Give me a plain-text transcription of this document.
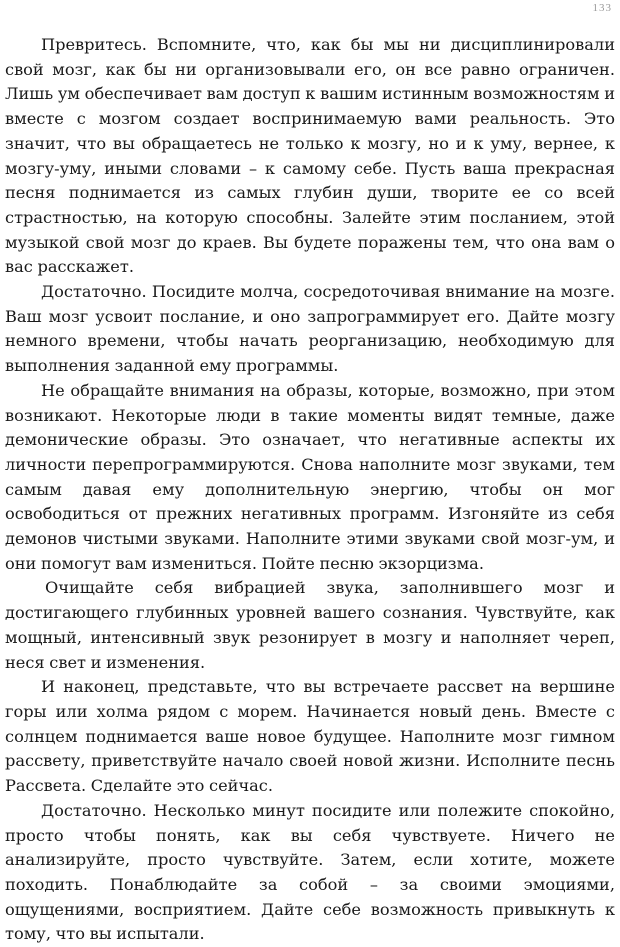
133

Превритесь. Вспомните, что, как бы мы ни дисциплинировали свой мозг, как бы ни организовывали его, он все равно ограничен. Лишь ум обеспечивает вам доступ к вашим истинным возможностям и вместе с мозгом создает воспринимаемую вами реальность. Это значит, что вы обращаетесь не только к мозгу, но и к уму, вернее, к мозгу-уму, иными словами – к самому себе. Пусть ваша прекрасная песня поднимается из самых глубин души, творите ее со всей страстностью, на которую способны. Залейте этим посланием, этой музыкой свой мозг до краев. Вы будете поражены тем, что она вам о вас расскажет.

Достаточно. Посидите молча, сосредоточивая внимание на мозге. Ваш мозг усвоит послание, и оно запрограммирует его. Дайте мозгу немного времени, чтобы начать реорганизацию, необходимую для выполнения заданной ему программы.

Не обращайте внимания на образы, которые, возможно, при этом возникают. Некоторые люди в такие моменты видят темные, даже демонические образы. Это означает, что негативные аспекты их личности перепрограммируются. Снова наполните мозг звуками, тем самым давая ему дополнительную энергию, чтобы он мог освободиться от прежних негативных программ. Изгоняйте из себя демонов чистыми звуками. Наполните этими звуками свой мозг-ум, и они помогут вам измениться. Пойте песню экзорцизма.

Очищайте себя вибрацией звука, заполнившего мозг и достигающего глубинных уровней вашего сознания. Чувствуйте, как мощный, интенсивный звук резонирует в мозгу и наполняет череп, неся свет и изменения.

И наконец, представьте, что вы встречаете рассвет на вершине горы или холма рядом с морем. Начинается новый день. Вместе с солнцем поднимается ваше новое будущее. Наполните мозг гимном рассвету, приветствуйте начало своей новой жизни. Исполните песнь Рассвета. Сделайте это сейчас.

Достаточно. Несколько минут посидите или полежите спокойно, просто чтобы понять, как вы себя чувствуете. Ничего не анализируйте, просто чувствуйте. Затем, если хотите, можете походить. Понаблюдайте за собой – за своими эмоциями, ощущениями, восприятием. Дайте себе возможность привыкнуть к тому, что вы испытали.
